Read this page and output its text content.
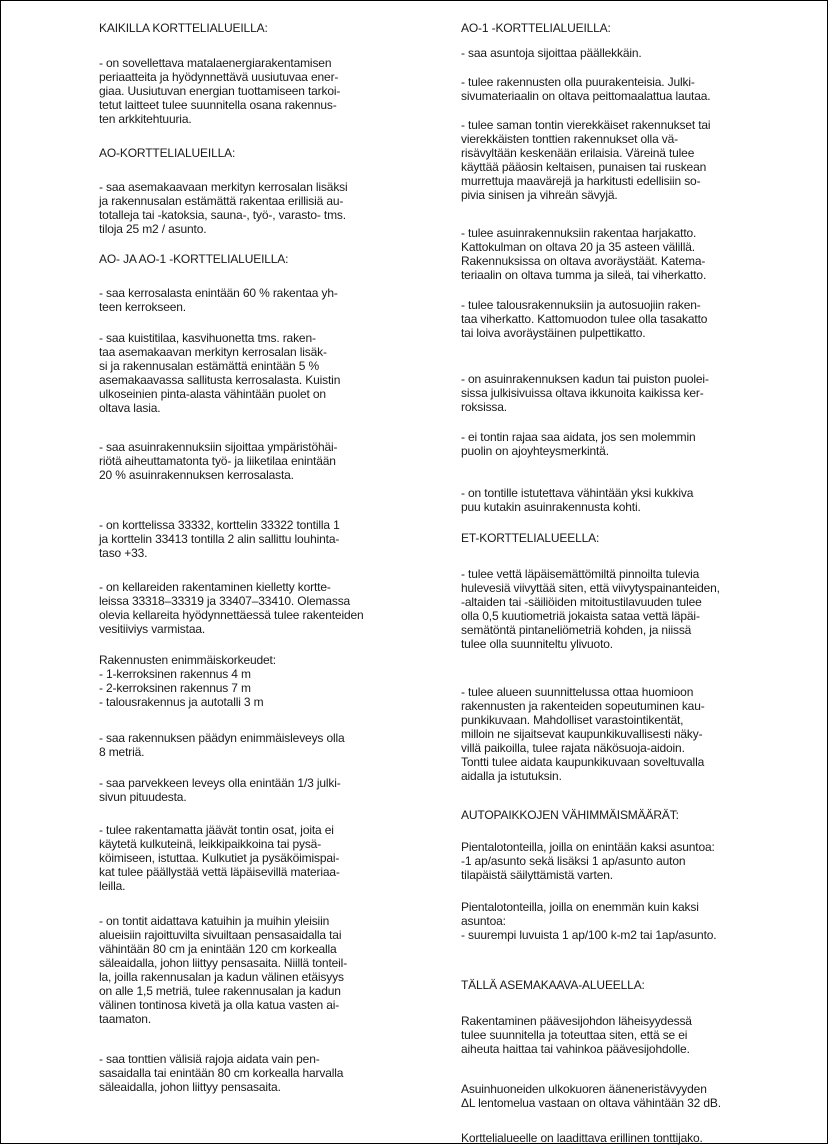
KAIKILLA KORTTELIALUEILLA:
- on sovellettava matalaenergiarakentamisen
periaatteita ja hyödynnettävä uusiutuvaa ener-
giaa. Uusiutuvan energian tuottamiseen tarkoi-
tetut laitteet tulee suunnitella osana rakennus-
ten arkkitehtuuria.
AO-KORTTELIALUEILLA:
- saa asemakaavaan merkityn kerrosalan lisäksi
ja rakennusalan estämättä rakentaa erillisiä au-
totalleja tai -katoksia, sauna-, työ-, varasto- tms.
tiloja 25 m2 / asunto.
AO- JA AO-1 -KORTTELIALUEILLA:
- saa kerrosalasta enintään 60 % rakentaa yh-
teen kerrokseen.
- saa kuistitilaa, kasvihuonetta tms. raken-
taa asemakaavan merkityn kerrosalan lisäk-
si ja rakennusalan estämättä enintään 5 %
asemakaavassa sallitusta kerrosalasta. Kuistin
ulkoseinien pinta-alasta vähintään puolet on
oltava lasia.
- saa asuinrakennuksiin sijoittaa ympäristöhäi-
riötä aiheuttamatonta työ- ja liiketilaa enintään
20 % asuinrakennuksen kerrosalasta.
- on korttelissa 33332, korttelin 33322 tontilla 1
ja korttelin 33413 tontilla 2 alin sallittu louhinta-
taso +33.
- on kellareiden rakentaminen kielletty kortte-
leissa 33318–33319 ja 33407–33410. Olemassa
olevia kellareita hyödynnettäessä tulee rakenteiden
vesitiiviys varmistaa.
Rakennusten enimmäiskorkeudet:
- 1-kerroksinen rakennus 4 m
- 2-kerroksinen rakennus 7 m
- talousrakennus ja autotalli 3 m
- saa rakennuksen päädyn enimmäisleveys olla
8 metriä.
- saa parvekkeen leveys olla enintään 1/3 julki-
sivun pituudesta.
- tulee rakentamatta jäävät tontin osat, joita ei
käytetä kulkuteinä, leikkipaikkoina tai pysä-
köimiseen, istuttaa. Kulkutiet ja pysäköimispai-
kat tulee päällystää vettä läpäisevillä materiaa-
leilla.
- on tontit aidattava katuihin ja muihin yleisiin
alueisiin rajoittuvilta sivuiltaan pensasaidalla tai
vähintään 80 cm ja enintään 120 cm korkealla
säleaidalla, johon liittyy pensasaita. Niillä tonteil-
la, joilla rakennusalan ja kadun välinen etäisyys
on alle 1,5 metriä, tulee rakennusalan ja kadun
välinen tontinosa kivetä ja olla katua vasten ai-
taamaton.
- saa tonttien välisiä rajoja aidata vain pen-
sasaidalla tai enintään 80 cm korkealla harvalla
säleaidalla, johon liittyy pensasaita.
AO-1 -KORTTELIALUEILLA:
- saa asuntoja sijoittaa päällekkäin.
- tulee rakennusten olla puurakenteisia. Julki-
sivumateriaalin on oltava peittomaalattua lautaa.
- tulee saman tontin vierekkäiset rakennukset tai
vierekkäisten tonttien rakennukset olla vä-
risävyltään keskenään erilaisia. Väreinä tulee
käyttää pääosin keltaisen, punaisen tai ruskean
murrettuja maavärejä ja harkitusti edellisiin so-
pivia sinisen ja vihreän sävyjä.
- tulee asuinrakennuksiin rakentaa harjakatto.
Kattokulman on oltava 20 ja 35 asteen välillä.
Rakennuksissa on oltava avoräystäät. Katema-
teriaalin on oltava tumma ja sileä, tai viherkatto.
- tulee talousrakennuksiin ja autosuojiin raken-
taa viherkatto. Kattomuodon tulee olla tasakatto
tai loiva avoräystäinen pulpettikatto.
- on asuinrakennuksen kadun tai puiston puolei-
sissa julkisivuissa oltava ikkunoita kaikissa ker-
roksissa.
- ei tontin rajaa saa aidata, jos sen molemmin
puolin on ajoyhteysmerkintä.
- on tontille istutettava vähintään yksi kukkiva
puu kutakin asuinrakennusta kohti.
ET-KORTTELIALUEELLA:
- tulee vettä läpäisemättömiltä pinnoilta tulevia
hulevesiä viivyttää siten, että viivytyspainanteiden,
-altaiden tai -säiliöiden mitoitustilavuuden tulee
olla 0,5 kuutiometriä jokaista sataa vettä läpäi-
semätöntä pintaneliömetriä kohden, ja niissä
tulee olla suunniteltu ylivuoto.
- tulee alueen suunnittelussa ottaa huomioon
rakennusten ja rakenteiden sopeutuminen kau-
punkikuvaan. Mahdolliset varastointikentät,
milloin ne sijaitsevat kaupunkikuvallisesti näky-
villä paikoilla, tulee rajata näkösuoja-aidoin.
Tontti tulee aidata kaupunkikuvaan soveltuvalla
aidalla ja istutuksin.
AUTOPAIKKOJEN VÄHIMMÄISMÄÄRÄT:
Pientalotonteilla, joilla on enintään kaksi asuntoa:
-1 ap/asunto sekä lisäksi 1 ap/asunto auton
tilapäistä säilyttämistä varten.
Pientalotonteilla, joilla on enemmän kuin kaksi
asuntoa:
- suurempi luvuista 1 ap/100 k-m2 tai 1ap/asunto.
TÄLLÄ ASEMAKAAVA-ALUEELLA:
Rakentaminen päävesijohdon läheisyydessä
tulee suunnitella ja toteuttaa siten, että se ei
aiheuta haittaa tai vahinkoa päävesijohdolle.
Asuinhuoneiden ulkokuoren ääneneristävyyden
ΔL lentomelua vastaan on oltava vähintään 32 dB.
Korttelialueelle on laadittava erillinen tonttijako.
